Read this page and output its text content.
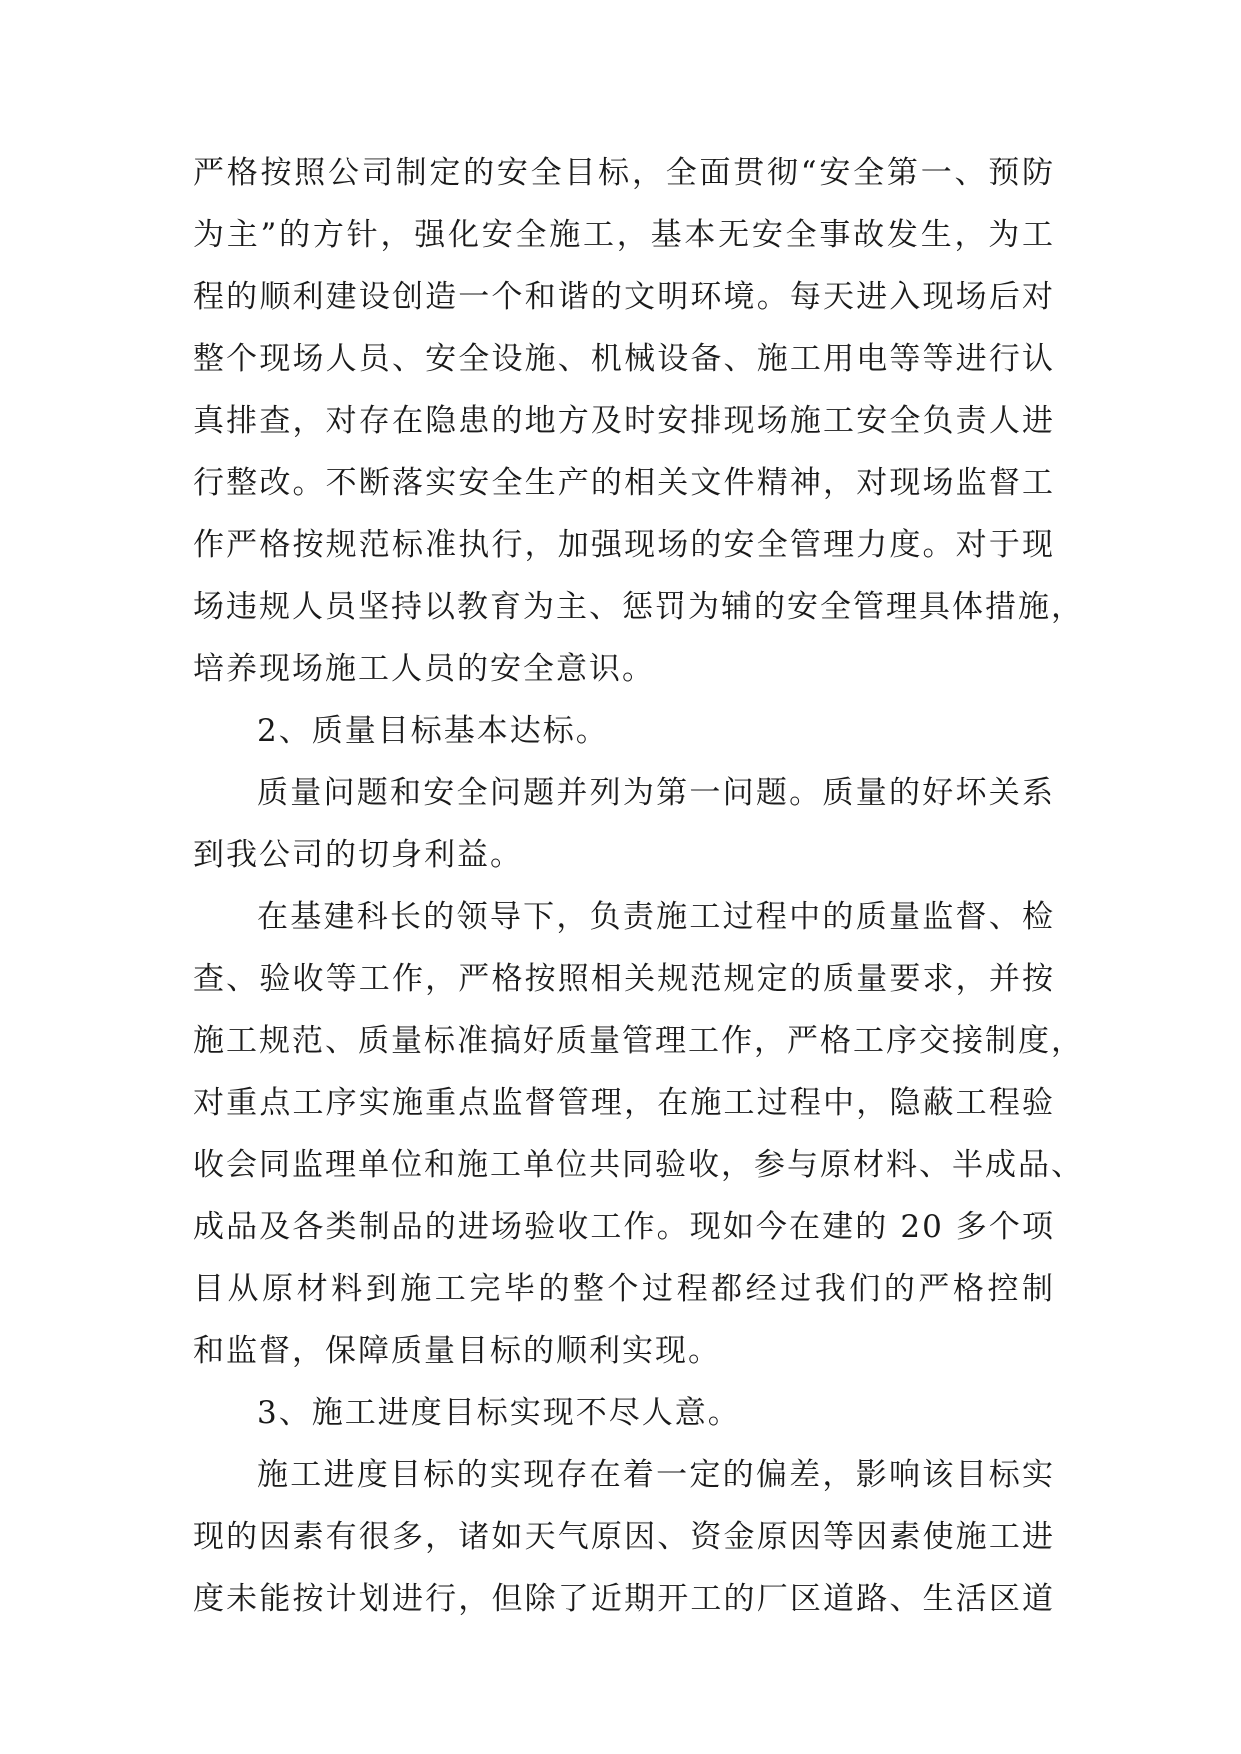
严格按照公司制定的安全目标，全面贯彻“安全第一、预防
为主”的方针，强化安全施工，基本无安全事故发生，为工
程的顺利建设创造一个和谐的文明环境。每天进入现场后对
整个现场人员、安全设施、机械设备、施工用电等等进行认
真排查，对存在隐患的地方及时安排现场施工安全负责人进
行整改。不断落实安全生产的相关文件精神，对现场监督工
作严格按规范标准执行，加强现场的安全管理力度。对于现
场违规人员坚持以教育为主、惩罚为辅的安全管理具体措施，
培养现场施工人员的安全意识。
2、质量目标基本达标。
质量问题和安全问题并列为第一问题。质量的好坏关系
到我公司的切身利益。
在基建科长的领导下，负责施工过程中的质量监督、检
查、验收等工作，严格按照相关规范规定的质量要求，并按
施工规范、质量标准搞好质量管理工作，严格工序交接制度，
对重点工序实施重点监督管理，在施工过程中，隐蔽工程验
收会同监理单位和施工单位共同验收，参与原材料、半成品、
成品及各类制品的进场验收工作。现如今在建的 20 多个项
目从原材料到施工完毕的整个过程都经过我们的严格控制
和监督，保障质量目标的顺利实现。
3、施工进度目标实现不尽人意。
施工进度目标的实现存在着一定的偏差，影响该目标实
现的因素有很多，诸如天气原因、资金原因等因素使施工进
度未能按计划进行，但除了近期开工的厂区道路、生活区道
